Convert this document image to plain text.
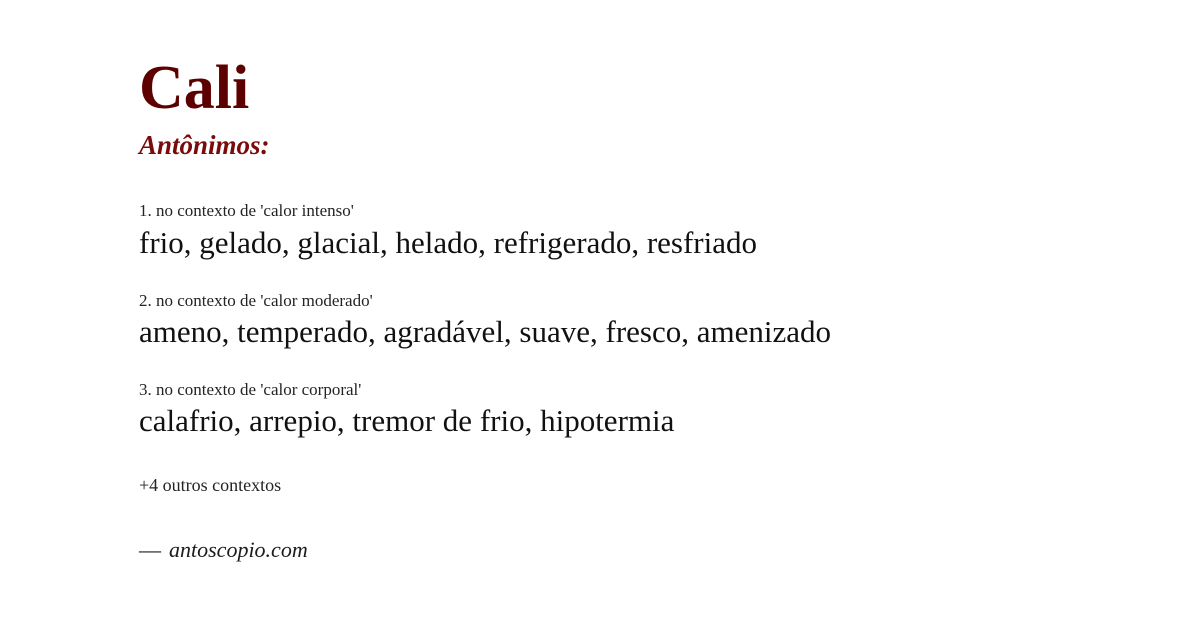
Cali
Antônimos:
1. no contexto de 'calor intenso'
frio, gelado, glacial, helado, refrigerado, resfriado
2. no contexto de 'calor moderado'
ameno, temperado, agradável, suave, fresco, amenizado
3. no contexto de 'calor corporal'
calafrio, arrepio, tremor de frio, hipotermia
+4 outros contextos
— antoscopio.com
